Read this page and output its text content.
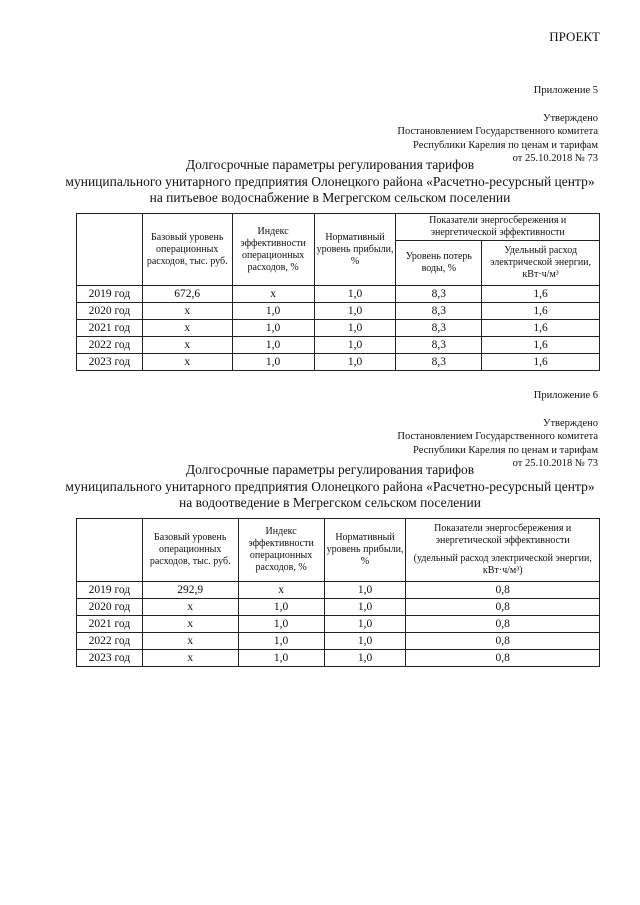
ПРОЕКТ
Приложение 5
Утверждено
Постановлением Государственного комитета
Республики Карелия по ценам и тарифам
от 25.10.2018 № 73
Долгосрочные параметры регулирования тарифов
муниципального унитарного предприятия Олонецкого района «Расчетно-ресурсный центр»
на питьевое водоснабжение в Мегрегском сельском поселении
	Базовый уровень операционных расходов, тыс. руб.	Индекс эффективности операционных расходов, %	Нормативный уровень прибыли, %	Показатели энергосбережения и энергетической эффективности	
				Уровень потерь воды, %	Удельный расход электрической энергии, кВт·ч/м³
2019 год	672,6	х	1,0	8,3	1,6
2020 год	х	1,0	1,0	8,3	1,6
2021 год	х	1,0	1,0	8,3	1,6
2022 год	х	1,0	1,0	8,3	1,6
2023 год	х	1,0	1,0	8,3	1,6
Приложение 6
Утверждено
Постановлением Государственного комитета
Республики Карелия по ценам и тарифам
от 25.10.2018 № 73
Долгосрочные параметры регулирования тарифов
муниципального унитарного предприятия Олонецкого района «Расчетно-ресурсный центр»
на водоотведение в Мегрегском сельском поселении
	Базовый уровень операционных расходов, тыс. руб.	Индекс эффективности операционных расходов, %	Нормативный уровень прибыли, %	Показатели энергосбережения и энергетической эффективности
(удельный расход электрической энергии, кВт·ч/м³)

2019 год	292,9	х	1,0	0,8
2020 год	х	1,0	1,0	0,8
2021 год	х	1,0	1,0	0,8
2022 год	х	1,0	1,0	0,8
2023 год	х	1,0	1,0	0,8
